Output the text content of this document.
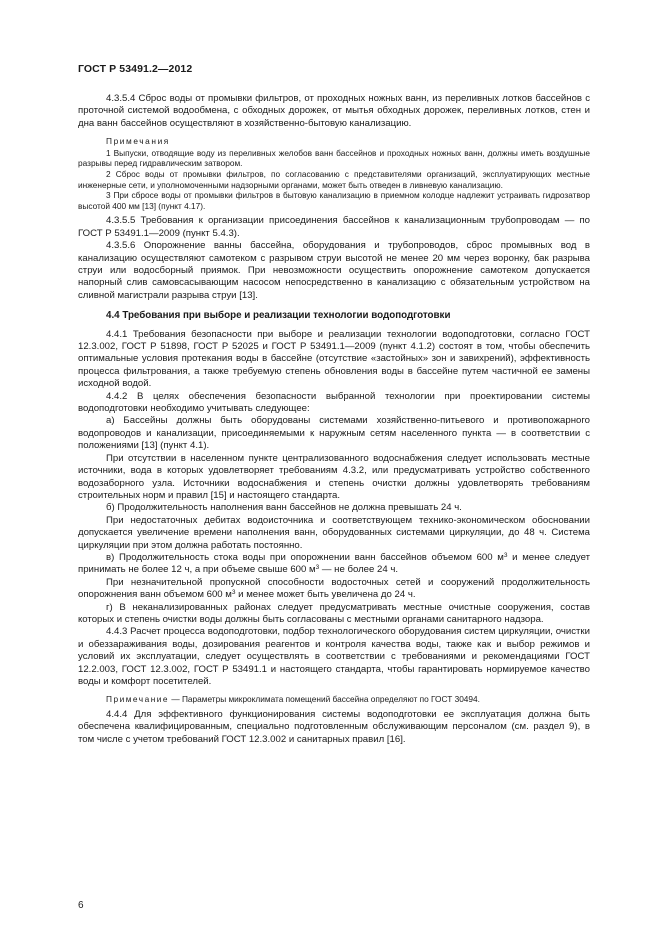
ГОСТ Р 53491.2—2012

4.3.5.4 Сброс воды от промывки фильтров, от проходных ножных ванн, из переливных лотков бассейнов с проточной системой водообмена, с обходных дорожек, от мытья обходных дорожек, переливных лотков, стен и дна ванн бассейнов осуществляют в хозяйственно-бытовую канализацию.

Примечания

1 Выпуски, отводящие воду из переливных желобов ванн бассейнов и проходных ножных ванн, должны иметь воздушные разрывы перед гидравлическим затвором.

2 Сброс воды от промывки фильтров, по согласованию с представителями организаций, эксплуатирующих местные инженерные сети, и уполномоченными надзорными органами, может быть отведен в ливневую канализацию.

3 При сбросе воды от промывки фильтров в бытовую канализацию в приемном колодце надлежит устраивать гидрозатвор высотой 400 мм [13] (пункт 4.17).

4.3.5.5 Требования к организации присоединения бассейнов к канализационным трубопроводам — по ГОСТ Р 53491.1—2009 (пункт 5.4.3).

4.3.5.6 Опорожнение ванны бассейна, оборудования и трубопроводов, сброс промывных вод в канализацию осуществляют самотеком с разрывом струи высотой не менее 20 мм через воронку, бак разрыва струи или водосборный приямок. При невозможности осуществить опорожнение самотеком допускается напорный слив самовсасывающим насосом непосредственно в канализацию с обязательным устройством на сливной магистрали разрыва струи [13].

4.4 Требования при выборе и реализации технологии водоподготовки

4.4.1 Требования безопасности при выборе и реализации технологии водоподготовки, согласно ГОСТ 12.3.002, ГОСТ Р 51898, ГОСТ Р 52025 и ГОСТ Р 53491.1—2009 (пункт 4.1.2) состоят в том, чтобы обеспечить оптимальные условия протекания воды в бассейне (отсутствие «застойных» зон и завихрений), эффективность процесса фильтрования, а также требуемую степень обновления воды в бассейне путем частичной ее замены исходной водой.

4.4.2 В целях обеспечения безопасности выбранной технологии при проектировании системы водоподготовки необходимо учитывать следующее:

а) Бассейны должны быть оборудованы системами хозяйственно-питьевого и противопожарного водопроводов и канализации, присоединяемыми к наружным сетям населенного пункта — в соответствии с положениями [13] (пункт 4.1).

При отсутствии в населенном пункте централизованного водоснабжения следует использовать местные источники, вода в которых удовлетворяет требованиям 4.3.2, или предусматривать устройство собственного водозаборного узла. Источники водоснабжения и степень очистки должны удовлетворять требованиям строительных норм и правил [15] и настоящего стандарта.

б) Продолжительность наполнения ванн бассейнов не должна превышать 24 ч.

При недостаточных дебитах водоисточника и соответствующем технико-экономическом обосновании допускается увеличение времени наполнения ванн, оборудованных системами циркуляции, до 48 ч. Система циркуляции при этом должна работать постоянно.

в) Продолжительность стока воды при опорожнении ванн бассейнов объемом 600 $м^3$ и менее следует принимать не более 12 ч, а при объеме свыше 600 $м^3$ — не более 24 ч.

При незначительной пропускной способности водосточных сетей и сооружений продолжительность опорожнения ванн объемом 600 $м^3$ и менее может быть увеличена до 24 ч.

г) В неканализированных районах следует предусматривать местные очистные сооружения, состав которых и степень очистки воды должны быть согласованы с местными органами санитарного надзора.

4.4.3 Расчет процесса водоподготовки, подбор технологического оборудования систем циркуляции, очистки и обеззараживания воды, дозирования реагентов и контроля качества воды, также как и выбор режимов и условий их эксплуатации, следует осуществлять в соответствии с требованиями и рекомендациями ГОСТ 12.2.003, ГОСТ 12.3.002, ГОСТ Р 53491.1 и настоящего стандарта, чтобы гарантировать нормируемое качество воды и комфорт посетителей.

Примечание — Параметры микроклимата помещений бассейна определяют по ГОСТ 30494.

4.4.4 Для эффективного функционирования системы водоподготовки ее эксплуатация должна быть обеспечена квалифицированным, специально подготовленным обслуживающим персоналом (см. раздел 9), в том числе с учетом требований ГОСТ 12.3.002 и санитарных правил [16].

6
